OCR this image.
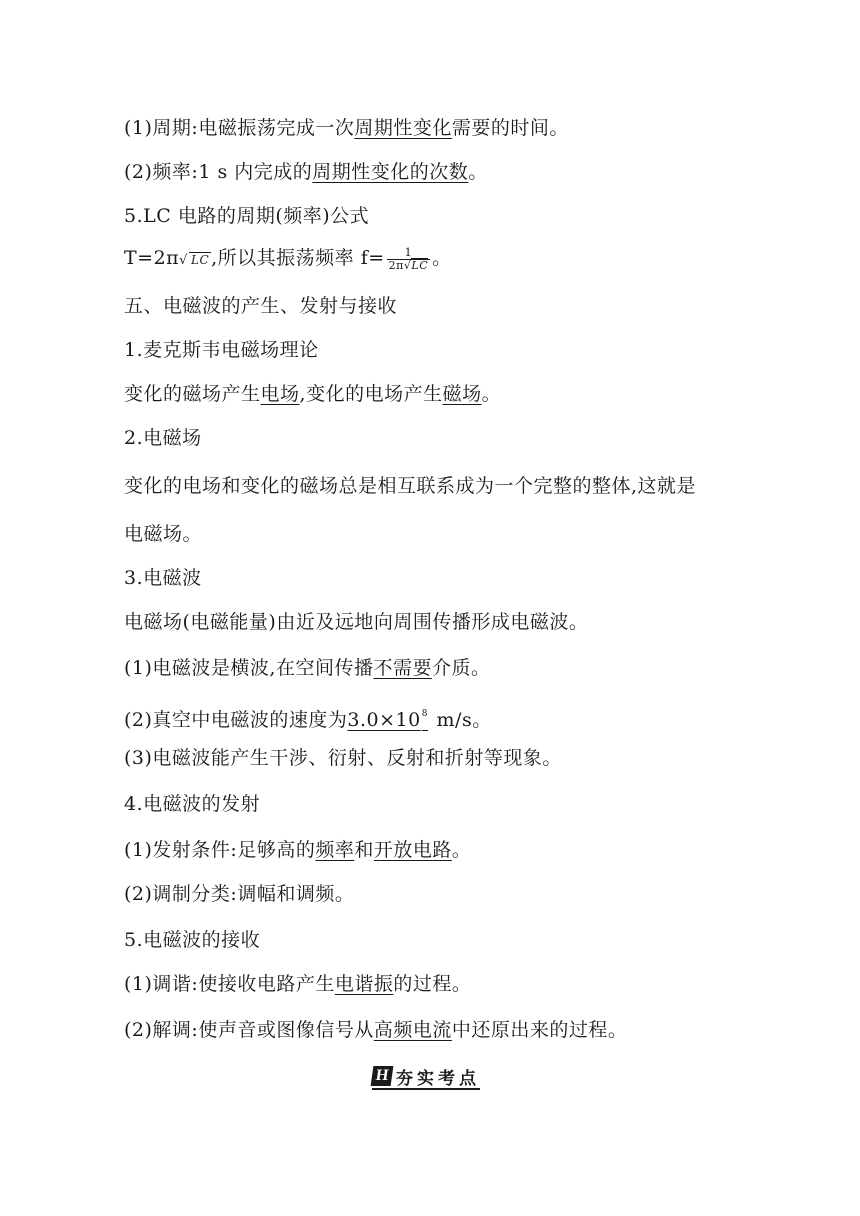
(1)周期:电磁振荡完成一次周期性变化需要的时间。
(2)频率:1 s 内完成的周期性变化的次数。
5.LC 电路的周期(频率)公式
T=2π√ LC ,所以其振荡频率 $f= \frac{1}{2\pi√LC}$ 。
五、电磁波的产生、发射与接收
1.麦克斯韦电磁场理论
变化的磁场产生电场,变化的电场产生磁场。
2.电磁场
变化的电场和变化的磁场总是相互联系成为一个完整的整体,这就是
电磁场。
3.电磁波
电磁场(电磁能量)由近及远地向周围传播形成电磁波。
(1)电磁波是横波,在空间传播不需要介质。
(2)真空中电磁波的速度为$3.0\times 10^8$ m/s。
(3)电磁波能产生干涉、衍射、反射和折射等现象。
4.电磁波的发射
(1)发射条件:足够高的频率和开放电路。
(2)调制分类:调幅和调频。
5.电磁波的接收
(1)调谐:使接收电路产生电谐振的过程。
(2)解调:使声音或图像信号从高频电流中还原出来的过程。
H 夯实考点
